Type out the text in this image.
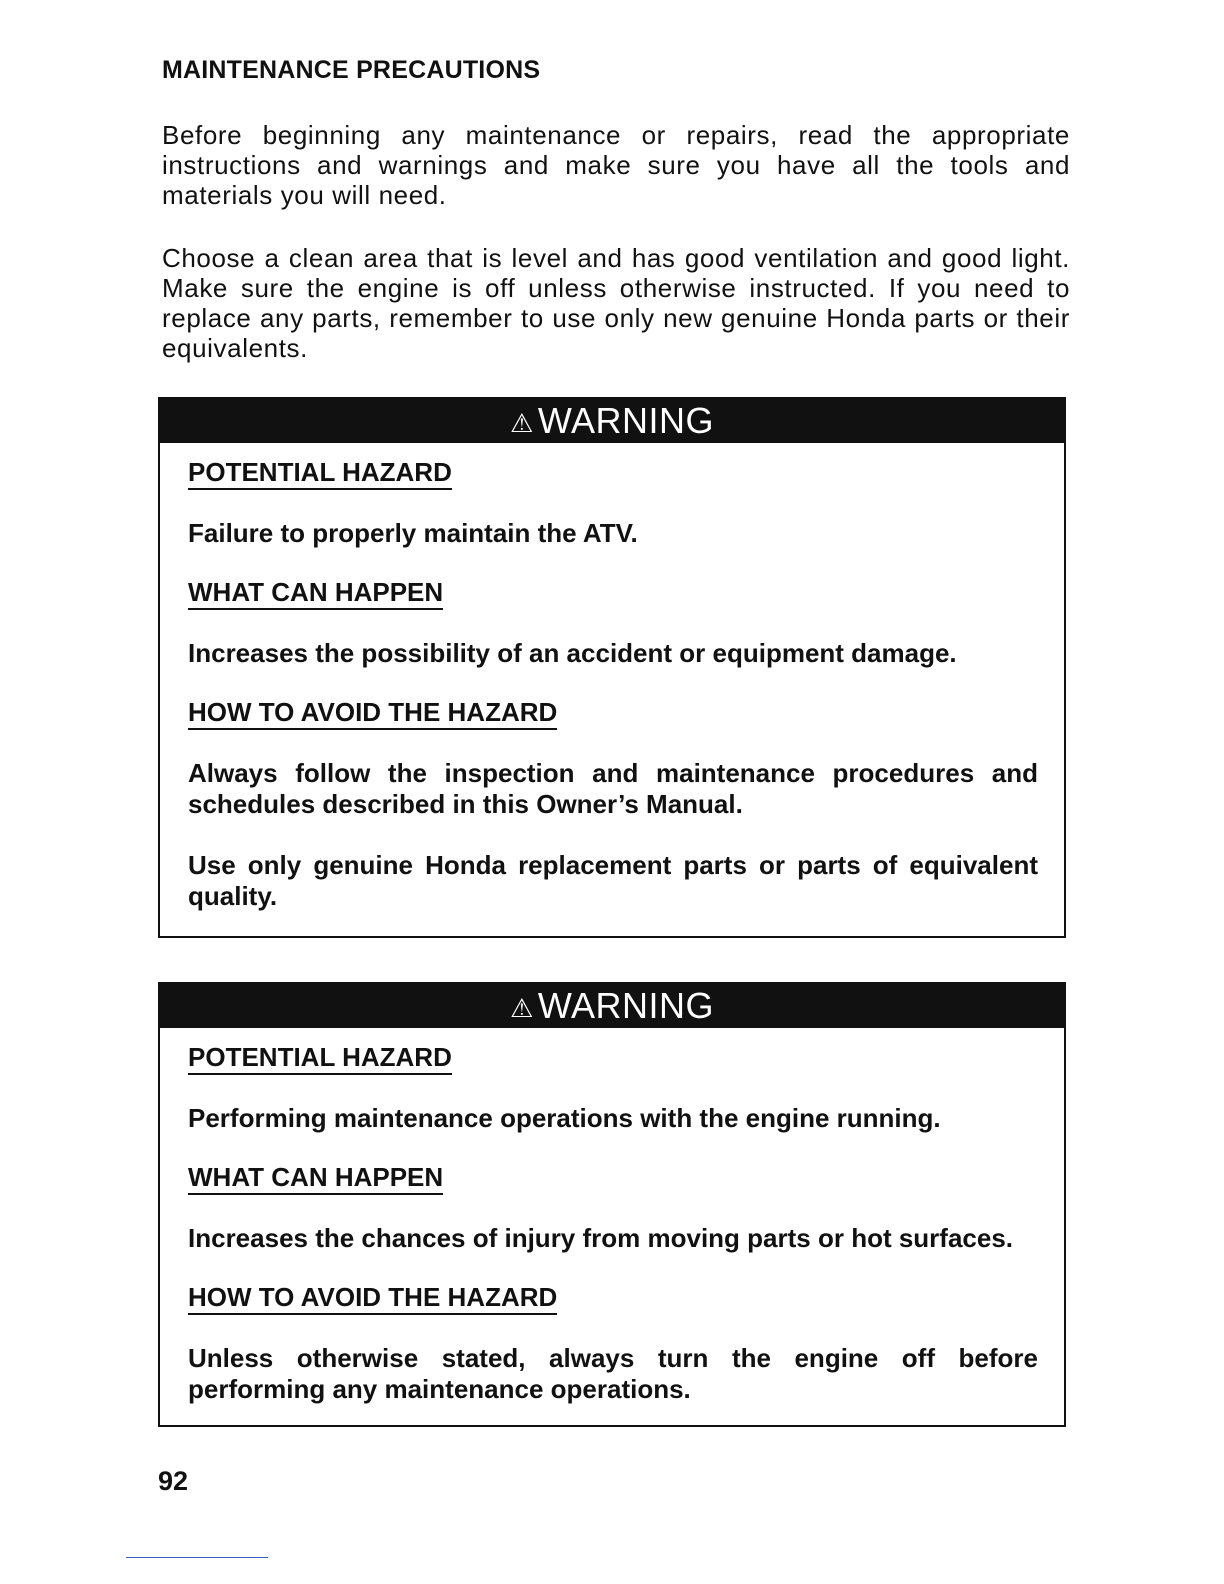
MAINTENANCE PRECAUTIONS

Before beginning any maintenance or repairs, read the appropriate instructions and warnings and make sure you have all the tools and materials you will need.

Choose a clean area that is level and has good ventilation and good light. Make sure the engine is off unless otherwise instructed. If you need to replace any parts, remember to use only new genuine Honda parts or their equivalents.

⚠ WARNING

POTENTIAL HAZARD

Failure to properly maintain the ATV.

WHAT CAN HAPPEN

Increases the possibility of an accident or equipment damage.

HOW TO AVOID THE HAZARD

Always follow the inspection and maintenance procedures and schedules described in this Owner’s Manual.

Use only genuine Honda replacement parts or parts of equivalent quality.

⚠ WARNING

POTENTIAL HAZARD

Performing maintenance operations with the engine running.

WHAT CAN HAPPEN

Increases the chances of injury from moving parts or hot surfaces.

HOW TO AVOID THE HAZARD

Unless otherwise stated, always turn the engine off before performing any maintenance operations.

92
